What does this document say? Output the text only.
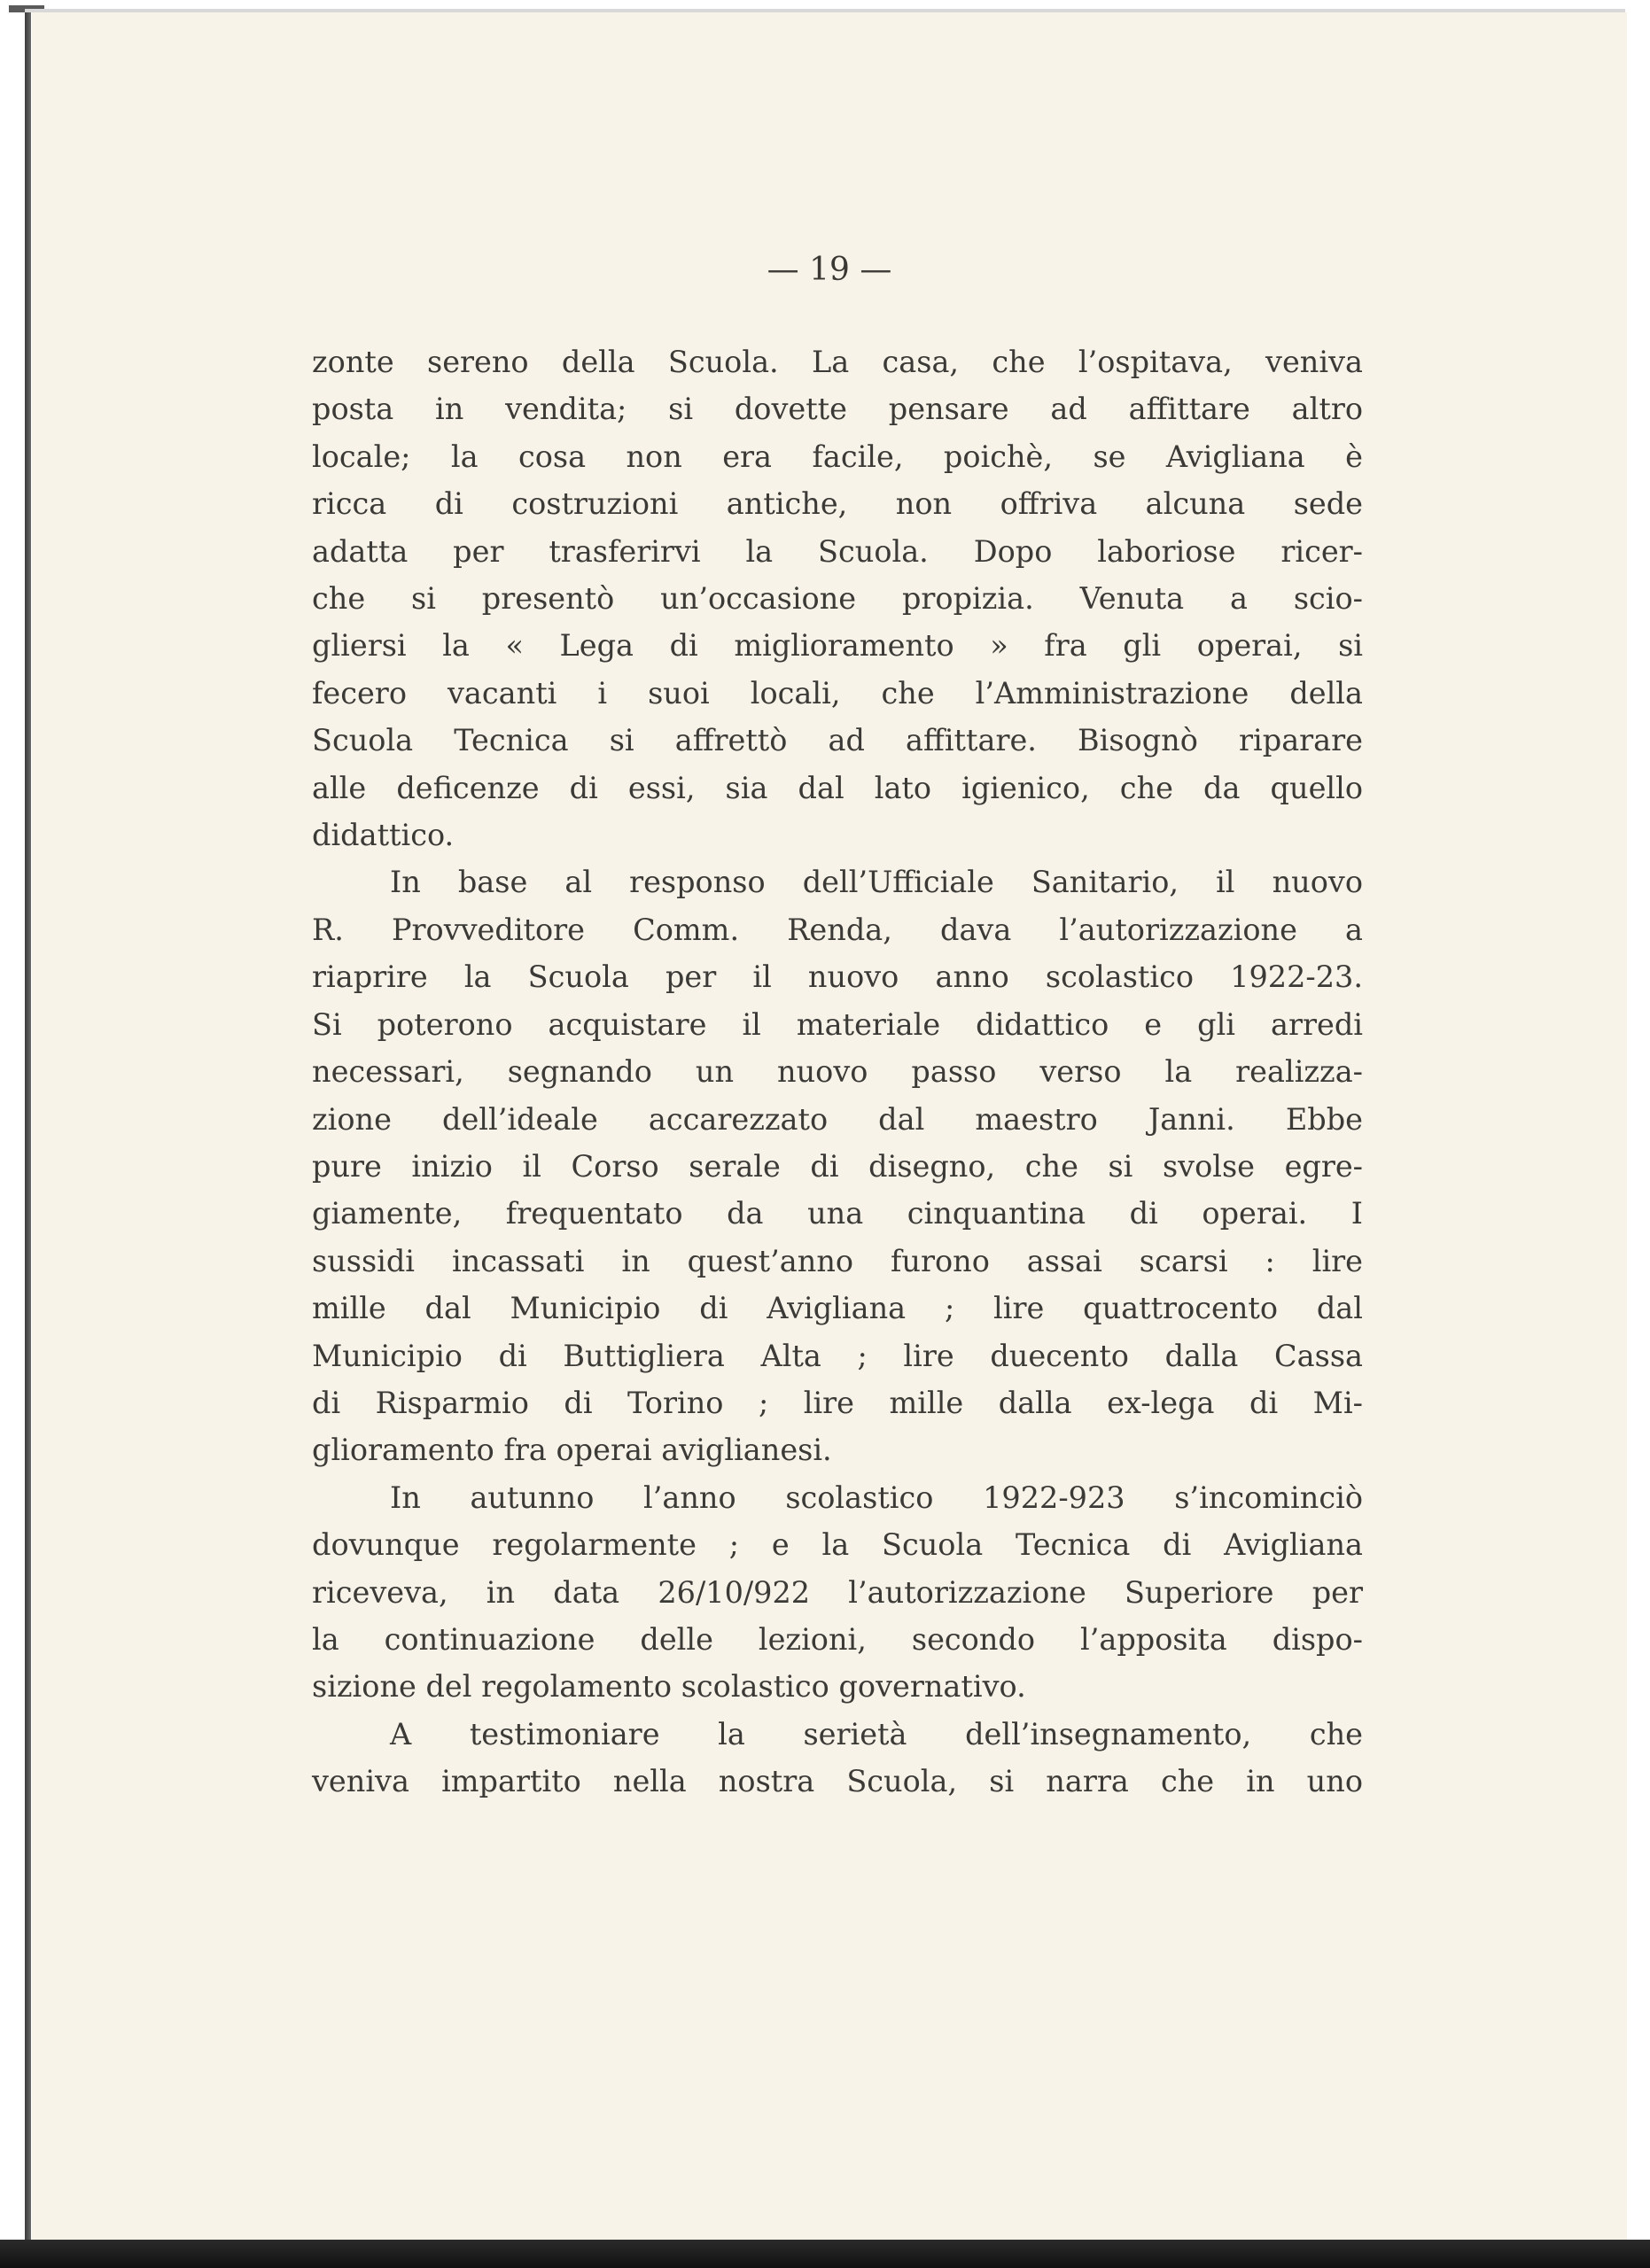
— 19 —
zonte sereno della Scuola. La casa, che l’ospitava, veniva
posta in vendita; si dovette pensare ad affittare altro
locale; la cosa non era facile, poichè, se Avigliana è
ricca di costruzioni antiche, non offriva alcuna sede
adatta per trasferirvi la Scuola. Dopo laboriose ricer-
che si presentò un’occasione propizia. Venuta a scio-
gliersi la « Lega di miglioramento » fra gli operai, si
fecero vacanti i suoi locali, che l’Amministrazione della
Scuola Tecnica si affrettò ad affittare. Bisognò riparare
alle deficenze di essi, sia dal lato igienico, che da quello
didattico.
In base al responso dell’Ufficiale Sanitario, il nuovo
R. Provveditore Comm. Renda, dava l’autorizzazione a
riaprire la Scuola per il nuovo anno scolastico 1922-23.
Si poterono acquistare il materiale didattico e gli arredi
necessari, segnando un nuovo passo verso la realizza-
zione dell’ideale accarezzato dal maestro Janni. Ebbe
pure inizio il Corso serale di disegno, che si svolse egre-
giamente, frequentato da una cinquantina di operai. I
sussidi incassati in quest’anno furono assai scarsi : lire
mille dal Municipio di Avigliana ; lire quattrocento dal
Municipio di Buttigliera Alta ; lire duecento dalla Cassa
di Risparmio di Torino ; lire mille dalla ex-lega di Mi-
glioramento fra operai aviglianesi.
In autunno l’anno scolastico 1922-923 s’incominciò
dovunque regolarmente ; e la Scuola Tecnica di Avigliana
riceveva, in data 26/10/922 l’autorizzazione Superiore per
la continuazione delle lezioni, secondo l’apposita dispo-
sizione del regolamento scolastico governativo.
A testimoniare la serietà dell’insegnamento, che
veniva impartito nella nostra Scuola, si narra che in uno
